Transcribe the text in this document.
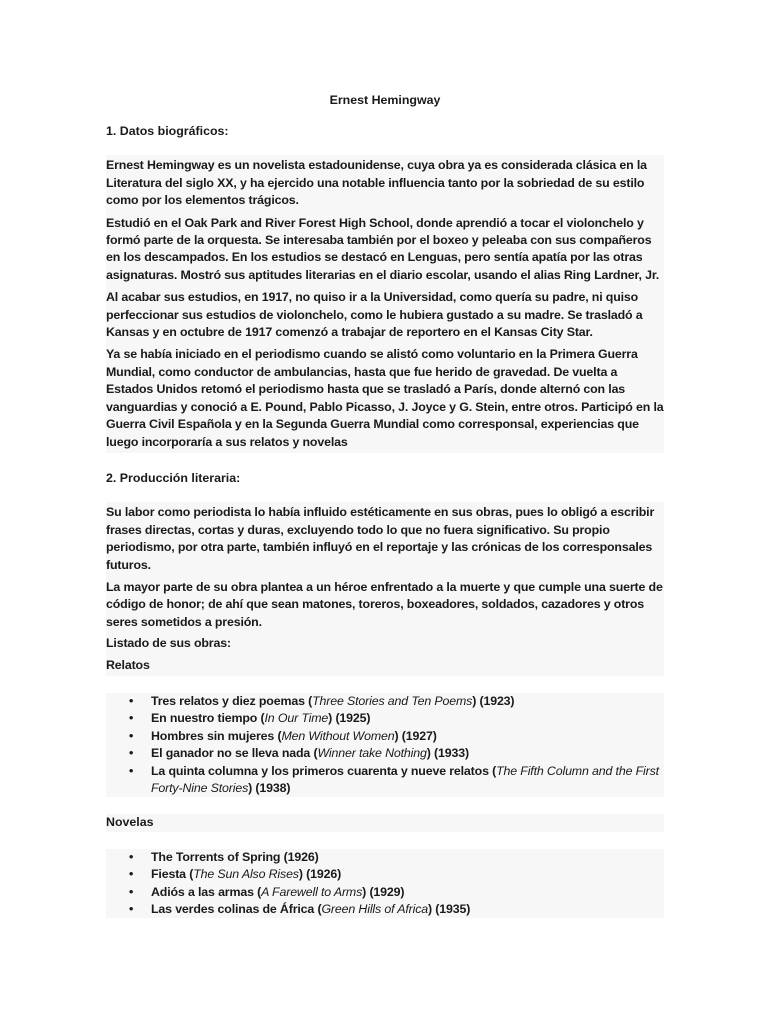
Ernest Hemingway
1. Datos biográficos:

Ernest Hemingway es un novelista estadounidense, cuya obra ya es considerada clásica en la Literatura del siglo XX, y ha ejercido una notable influencia tanto por la sobriedad de su estilo como por los elementos trágicos.

Estudió en el Oak Park and River Forest High School, donde aprendió a tocar el violonchelo y formó parte de la orquesta. Se interesaba también por el boxeo y peleaba con sus compañeros en los descampados. En los estudios se destacó en Lenguas, pero sentía apatía por las otras asignaturas. Mostró sus aptitudes literarias en el diario escolar, usando el alias Ring Lardner, Jr.

Al acabar sus estudios, en 1917, no quiso ir a la Universidad, como quería su padre, ni quiso perfeccionar sus estudios de violonchelo, como le hubiera gustado a su madre. Se trasladó a Kansas y en octubre de 1917 comenzó a trabajar de reportero en el Kansas City Star.

Ya se había iniciado en el periodismo cuando se alistó como voluntario en la Primera Guerra Mundial, como conductor de ambulancias, hasta que fue herido de gravedad. De vuelta a Estados Unidos retomó el periodismo hasta que se trasladó a París, donde alternó con las vanguardias y conoció a E. Pound, Pablo Picasso, J. Joyce y G. Stein, entre otros. Participó en la Guerra Civil Española y en la Segunda Guerra Mundial como corresponsal, experiencias que luego incorporaría a sus relatos y novelas

2. Producción literaria:

Su labor como periodista lo había influido estéticamente en sus obras, pues lo obligó a escribir frases directas, cortas y duras, excluyendo todo lo que no fuera significativo. Su propio periodismo, por otra parte, también influyó en el reportaje y las crónicas de los corresponsales futuros.

La mayor parte de su obra plantea a un héroe enfrentado a la muerte y que cumple una suerte de código de honor; de ahí que sean matones, toreros, boxeadores, soldados, cazadores y otros seres sometidos a presión.

Listado de sus obras:

Relatos

• Tres relatos y diez poemas (Three Stories and Ten Poems) (1923)
• En nuestro tiempo (In Our Time) (1925)
• Hombres sin mujeres (Men Without Women) (1927)
• El ganador no se lleva nada (Winner take Nothing) (1933)
• La quinta columna y los primeros cuarenta y nueve relatos (The Fifth Column and the First Forty-Nine Stories) (1938)
Novelas
• The Torrents of Spring (1926)
• Fiesta (The Sun Also Rises) (1926)
• Adiós a las armas (A Farewell to Arms) (1929)
• Las verdes colinas de África (Green Hills of Africa) (1935)
